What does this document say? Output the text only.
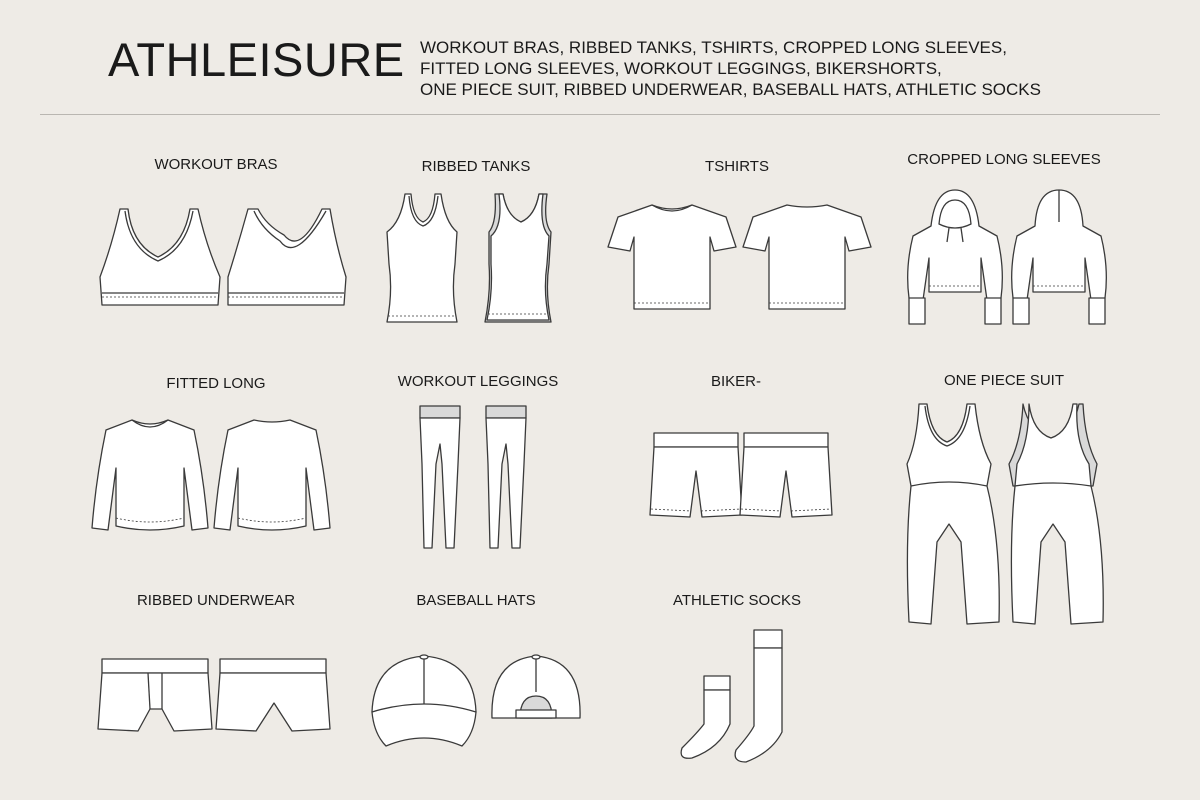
ATHLEISURE WORKOUT BRAS, RIBBED TANKS, TSHIRTS, CROPPED LONG SLEEVES,
FITTED LONG SLEEVES, WORKOUT LEGGINGS, BIKERSHORTS,
ONE PIECE SUIT, RIBBED UNDERWEAR, BASEBALL HATS, ATHLETIC SOCKS
WORKOUT BRAS	RIBBED TANKS	TSHIRTS	CROPPED LONG SLEEVES
FITTED LONG	WORKOUT LEGGINGS	BIKER-	ONE PIECE SUIT
RIBBED UNDERWEAR	BASEBALL HATS	ATHLETIC SOCKS
